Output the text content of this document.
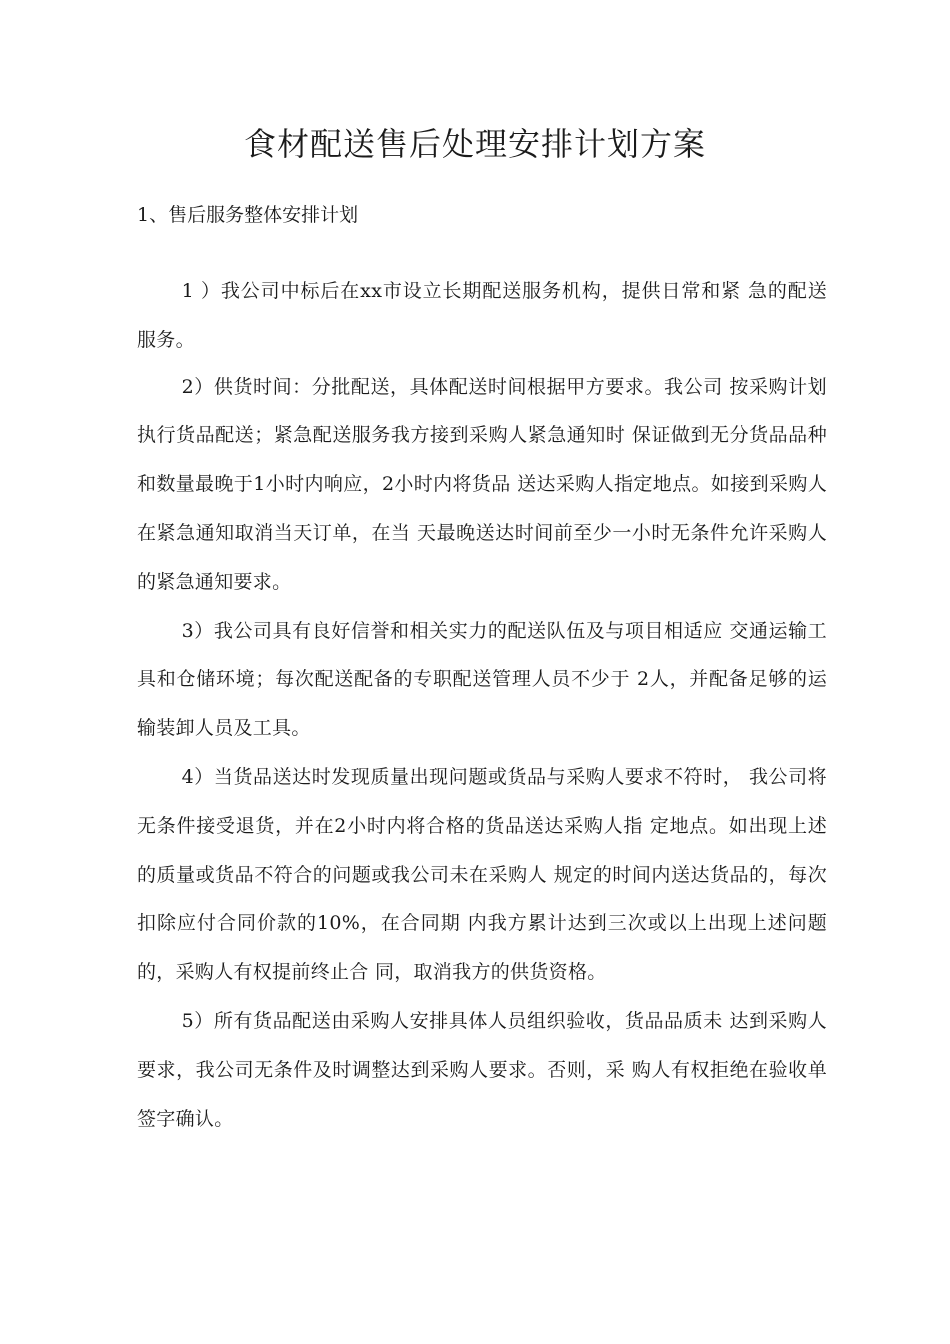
食材配送售后处理安排计划方案

1、售后服务整体安排计划

1 ）我公司中标后在xx市设立长期配送服务机构，提供日常和紧 急的配送服务。

2）供货时间：分批配送，具体配送时间根据甲方要求。我公司 按采购计划执行货品配送；紧急配送服务我方接到采购人紧急通知时 保证做到无分货品品种和数量最晚于1小时内响应，2小时内将货品 送达采购人指定地点。如接到采购人在紧急通知取消当天订单，在当 天最晚送达时间前至少一小时无条件允许采购人的紧急通知要求。

3）我公司具有良好信誉和相关实力的配送队伍及与项目相适应 交通运输工具和仓储环境；每次配送配备的专职配送管理人员不少于 2人，并配备足够的运输装卸人员及工具。

4）当货品送达时发现质量出现问题或货品与采购人要求不符时， 我公司将无条件接受退货，并在2小时内将合格的货品送达采购人指 定地点。如出现上述的质量或货品不符合的问题或我公司未在采购人 规定的时间内送达货品的，每次扣除应付合同价款的10%，在合同期 内我方累计达到三次或以上出现上述问题的，采购人有权提前终止合 同，取消我方的供货资格。

5）所有货品配送由采购人安排具体人员组织验收，货品品质未 达到采购人要求，我公司无条件及时调整达到采购人要求。否则，采 购人有权拒绝在验收单签字确认。
